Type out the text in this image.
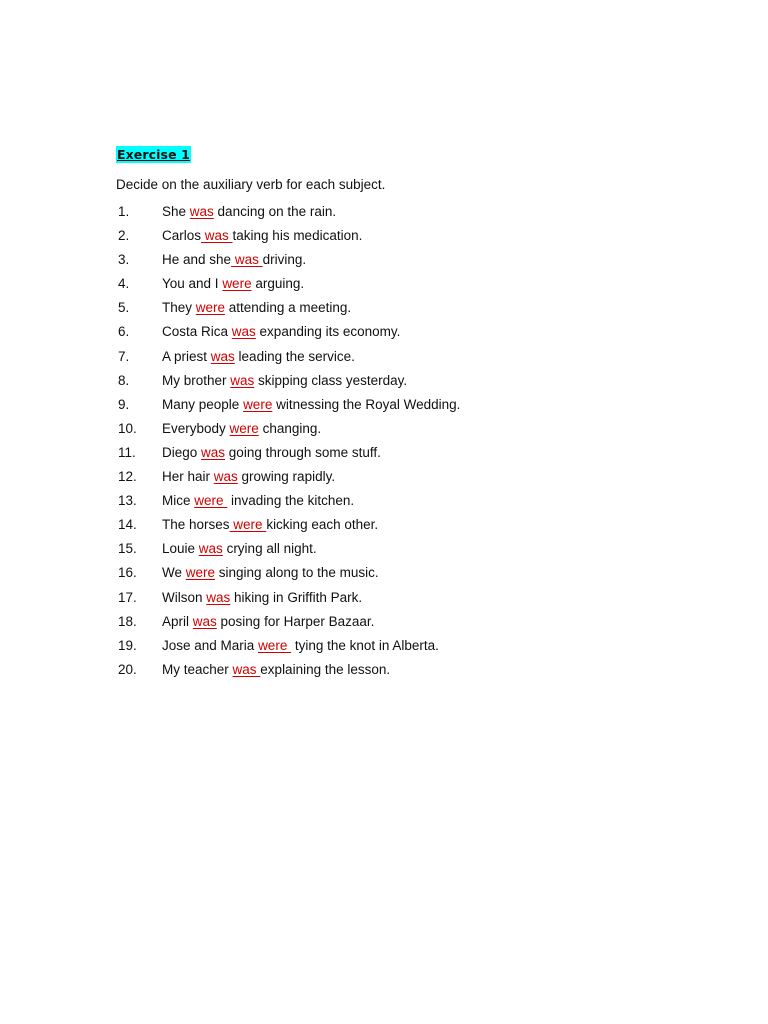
Exercise 1
Decide on the auxiliary verb for each subject.
1.	She was dancing on the rain.
2.	Carlos was taking his medication.
3.	He and she was driving.
4.	You and I were arguing.
5.	They were attending a meeting.
6.	Costa Rica was expanding its economy.
7.	A priest was leading the service.
8.	My brother was skipping class yesterday.
9.	Many people were witnessing the Royal Wedding.
10.	Everybody were changing.
11.	Diego was going through some stuff.
12.	Her hair was growing rapidly.
13.	Mice were  invading the kitchen.
14.	The horses were kicking each other.
15.	Louie was crying all night.
16.	We were singing along to the music.
17.	Wilson was hiking in Griffith Park.
18.	April was posing for Harper Bazaar.
19.	Jose and Maria were  tying the knot in Alberta.
20.	My teacher was explaining the lesson.
